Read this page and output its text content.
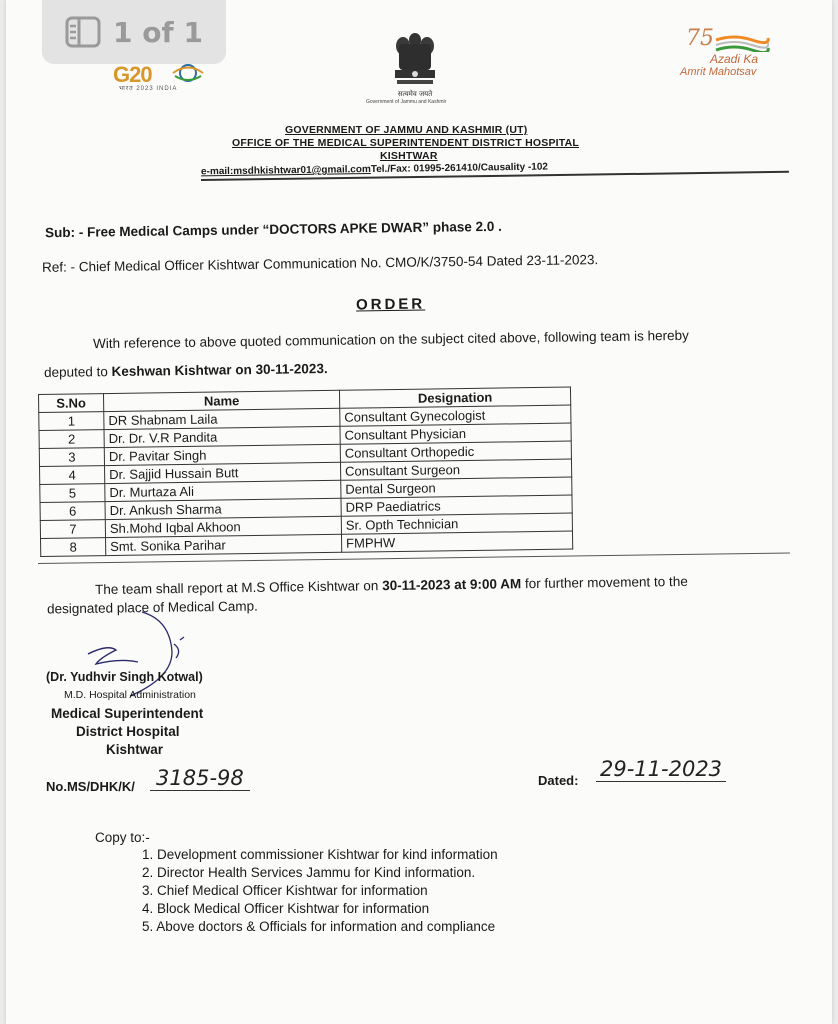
1 of 1
G20
भारत 2023 INDIA
सत्यमेव जयते
Government of Jammu and Kashmir
75
Azadi Ka
Amrit Mahotsav
GOVERNMENT OF JAMMU AND KASHMIR (UT)
OFFICE OF THE MEDICAL SUPERINTENDENT DISTRICT HOSPITAL
KISHTWAR
e-mail:msdhkishtwar01@gmail.comTel./Fax: 01995-261410/Causality -102
Sub: - Free Medical Camps under “DOCTORS APKE DWAR” phase 2.0 .
Ref: - Chief Medical Officer Kishtwar Communication No. CMO/K/3750-54 Dated 23-11-2023.
ORDER
With reference to above quoted communication on the subject cited above, following team is hereby
deputed to Keshwan Kishtwar on 30-11-2023.
S.No	Name	Designation
1	DR Shabnam Laila	Consultant Gynecologist
2	Dr. Dr. V.R Pandita	Consultant Physician
3	Dr. Pavitar Singh	Consultant Orthopedic
4	Dr. Sajjid Hussain Butt	Consultant Surgeon
5	Dr. Murtaza Ali	Dental Surgeon
6	Dr. Ankush Sharma	DRP Paediatrics
7	Sh.Mohd Iqbal Akhoon	Sr. Opth Technician
8	Smt. Sonika Parihar	FMPHW
The team shall report at M.S Office Kishtwar on 30-11-2023 at 9:00 AM for further movement to the
designated place of Medical Camp.
(Dr. Yudhvir Singh Kotwal)
M.D. Hospital Administration
Medical Superintendent
District Hospital
Kishtwar
No.MS/DHK/K/ 3185-98	Dated: 29-11-2023
Copy to:-
1. Development commissioner Kishtwar for kind information
2. Director Health Services Jammu for Kind information.
3. Chief Medical Officer Kishtwar for information
4. Block Medical Officer Kishtwar for information
5. Above doctors & Officials for information and compliance
